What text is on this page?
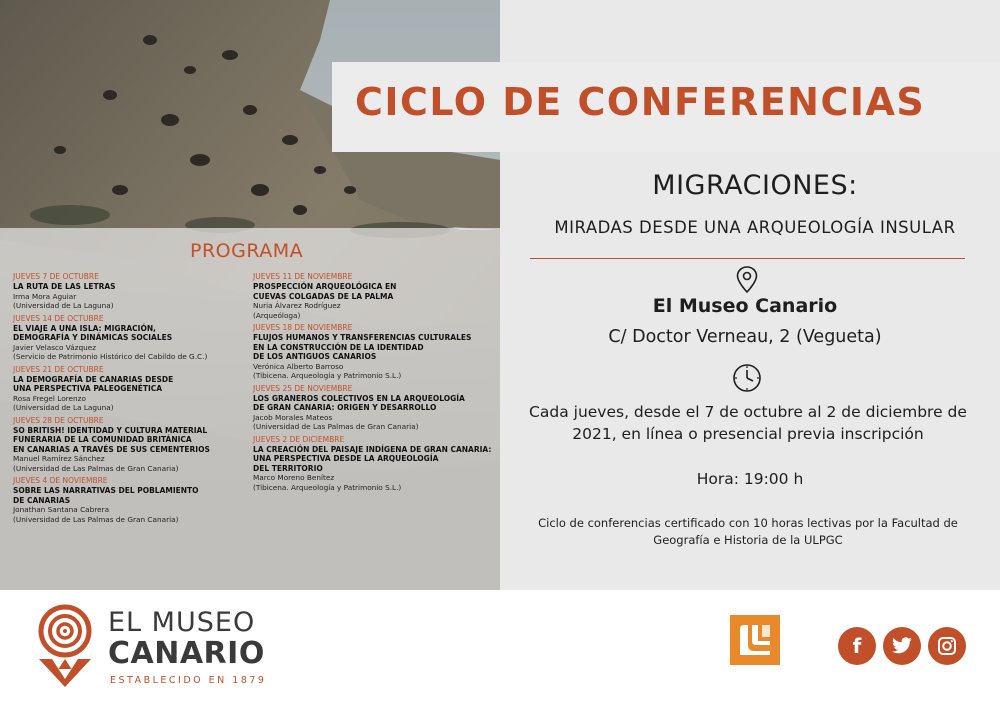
CICLO DE CONFERENCIAS
MIGRACIONES:
MIRADAS DESDE UNA ARQUEOLOGÍA INSULAR
El Museo Canario
C/ Doctor Verneau, 2 (Vegueta)
Cada jueves, desde el 7 de octubre al 2 de diciembre de 2021, en línea o presencial previa inscripción
Hora: 19:00 h
Ciclo de conferencias certificado con 10 horas lectivas por la Facultad de Geografía e Historia de la ULPGC
PROGRAMA
JUEVES 7 DE OCTUBRE
LA RUTA DE LAS LETRAS
Irma Mora Aguiar
(Universidad de La Laguna)
JUEVES 14 DE OCTUBRE
EL VIAJE A UNA ISLA: MIGRACIÓN,
DEMOGRAFÍA Y DINÁMICAS SOCIALES
Javier Velasco Vázquez
(Servicio de Patrimonio Histórico del Cabildo de G.C.)
JUEVES 21 DE OCTUBRE
LA DEMOGRAFÍA DE CANARIAS DESDE
UNA PERSPECTIVA PALEOGENÉTICA
Rosa Fregel Lorenzo
(Universidad de La Laguna)
JUEVES 28 DE OCTUBRE
SO BRITISH! IDENTIDAD Y CULTURA MATERIAL
FUNERARIA DE LA COMUNIDAD BRITÁNICA
EN CANARIAS A TRAVÉS DE SUS CEMENTERIOS
Manuel Ramírez Sánchez
(Universidad de Las Palmas de Gran Canaria)
JUEVES 4 DE NOVIEMBRE
SOBRE LAS NARRATIVAS DEL POBLAMIENTO
DE CANARIAS
Jonathan Santana Cabrera
(Universidad de Las Palmas de Gran Canaria)
JUEVES 11 DE NOVIEMBRE
PROSPECCIÓN ARQUEOLÓGICA EN
CUEVAS COLGADAS DE LA PALMA
Nuria Álvarez Rodríguez
(Arqueóloga)
JUEVES 18 DE NOVIEMBRE
FLUJOS HUMANOS Y TRANSFERENCIAS CULTURALES
EN LA CONSTRUCCIÓN DE LA IDENTIDAD
DE LOS ANTIGUOS CANARIOS
Verónica Alberto Barroso
(Tibicena. Arqueología y Patrimonio S.L.)
JUEVES 25 DE NOVIEMBRE
LOS GRANEROS COLECTIVOS EN LA ARQUEOLOGÍA
DE GRAN CANARIA: ORIGEN Y DESARROLLO
Jacob Morales Mateos
(Universidad de Las Palmas de Gran Canaria)
JUEVES 2 DE DICIEMBRE
LA CREACIÓN DEL PAISAJE INDÍGENA DE GRAN CANARIA:
UNA PERSPECTIVA DESDE LA ARQUEOLOGÍA
DEL TERRITORIO
Marco Moreno Benítez
(Tibicena. Arqueología y Patrimonio S.L.)
EL MUSEO
CANARIO
ESTABLECIDO EN 1879
f
